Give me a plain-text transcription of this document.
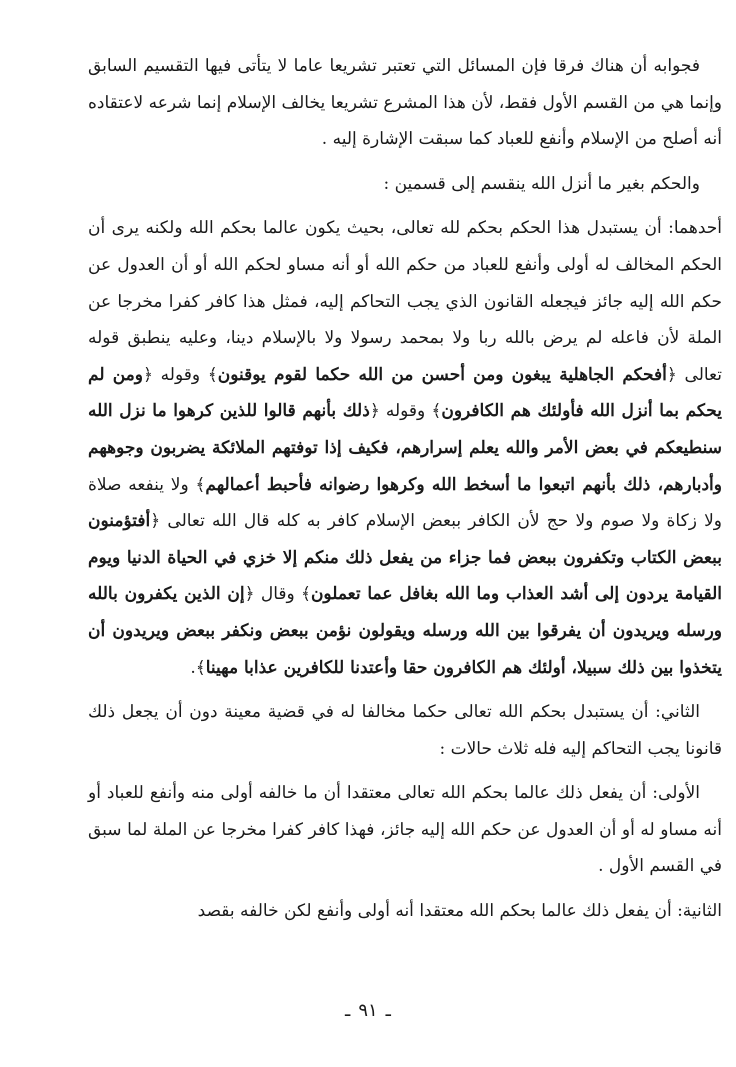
فجوابه أن هناك فرقا فإن المسائل التي تعتبر تشريعا عاما لا يتأتى فيها التقسيم السابق وإنما هي من القسم الأول فقط، لأن هذا المشرع تشريعا يخالف الإسلام إنما شرعه لاعتقاده أنه أصلح من الإسلام وأنفع للعباد كما سبقت الإشارة إليه .

والحكم بغير ما أنزل الله ينقسم إلى قسمين :

أحدهما: أن يستبدل هذا الحكم بحكم لله تعالى، بحيث يكون عالما بحكم الله ولكنه يرى أن الحكم المخالف له أولى وأنفع للعباد من حكم الله أو أنه مساو لحكم الله أو أن العدول عن حكم الله إليه جائز فيجعله القانون الذي يجب التحاكم إليه، فمثل هذا كافر كفرا مخرجا عن الملة لأن فاعله لم يرض بالله ربا ولا بمحمد رسولا ولا بالإسلام دينا، وعليه ينطبق قوله تعالى ﴿أفحكم الجاهلية يبغون ومن أحسن من الله حكما لقوم يوقنون﴾ وقوله ﴿ومن لم يحكم بما أنزل الله فأولئك هم الكافرون﴾ وقوله ﴿ذلك بأنهم قالوا للذين كرهوا ما نزل الله سنطيعكم في بعض الأمر والله يعلم إسرارهم، فكيف إذا توفتهم الملائكة يضربون وجوههم وأدبارهم، ذلك بأنهم اتبعوا ما أسخط الله وكرهوا رضوانه فأحبط أعمالهم﴾ ولا ينفعه صلاة ولا زكاة ولا صوم ولا حج لأن الكافر ببعض الإسلام كافر به كله قال الله تعالى ﴿أفتؤمنون ببعض الكتاب وتكفرون ببعض فما جزاء من يفعل ذلك منكم إلا خزي في الحياة الدنيا ويوم القيامة يردون إلى أشد العذاب وما الله بغافل عما تعملون﴾ وقال ﴿إن الذين يكفرون بالله ورسله ويريدون أن يفرقوا بين الله ورسله ويقولون نؤمن ببعض ونكفر ببعض ويريدون أن يتخذوا بين ذلك سبيلا، أولئك هم الكافرون حقا وأعتدنا للكافرين عذابا مهينا﴾.

الثاني: أن يستبدل بحكم الله تعالى حكما مخالفا له في قضية معينة دون أن يجعل ذلك قانونا يجب التحاكم إليه فله ثلاث حالات :

الأولى: أن يفعل ذلك عالما بحكم الله تعالى معتقدا أن ما خالفه أولى منه وأنفع للعباد أو أنه مساو له أو أن العدول عن حكم الله إليه جائز، فهذا كافر كفرا مخرجا عن الملة لما سبق في القسم الأول .

الثانية: أن يفعل ذلك عالما بحكم الله معتقدا أنه أولى وأنفع لكن خالفه بقصد

ـ٩١ـ
